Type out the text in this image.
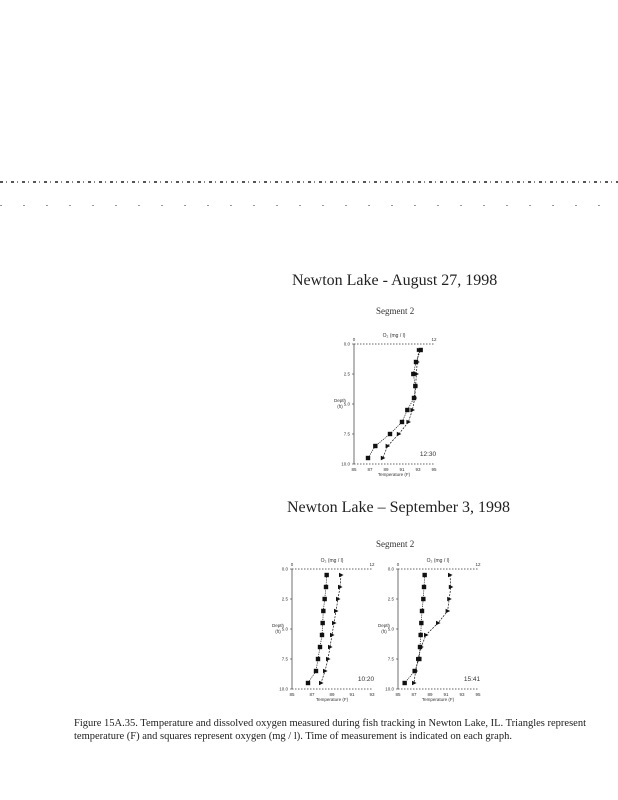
Newton Lake - August 27, 1998
Segment 2
0.0
2.5
5.0
7.5
10.0
85 87 89 91 93 95
0	12
O₂ (mg / l)
Temperature (F)
Depth
(ft)
12:30
Newton Lake – September 3, 1998
Segment 2
0.0
2.5
5.0
7.5
10.0
85	87	89	91	93
0	12
O₂ (mg / l)
Temperature (F)
Depth
(ft)
10:20
0.0
2.5
5.0
7.5
10.0
85 87 89 91 93 95
0	12
O₂ (mg / l)
Temperature (F)
Depth
(ft)
15:41
Figure 15A.35. Temperature and dissolved oxygen measured during fish tracking in Newton Lake, IL. Triangles represent temperature (F) and squares represent oxygen (mg / l). Time of measurement is indicated on each graph.
